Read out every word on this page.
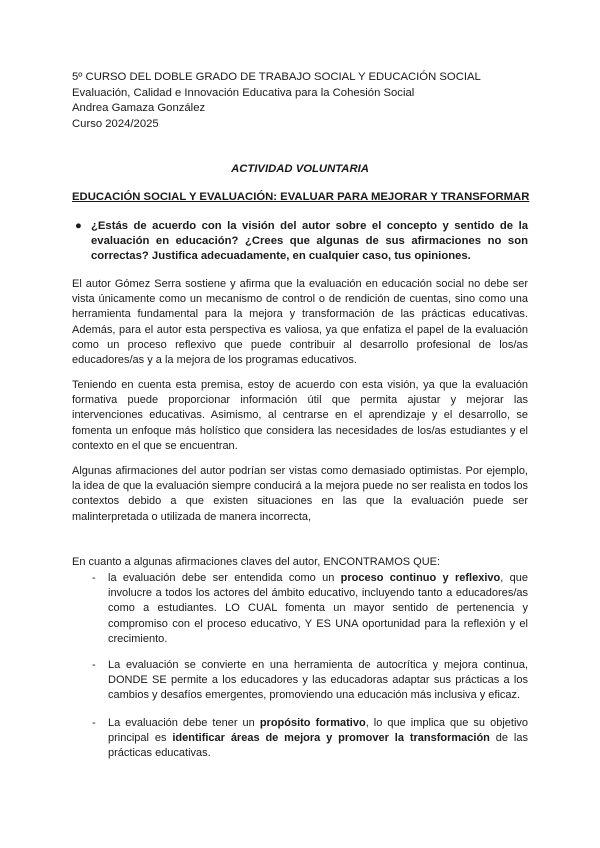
5º CURSO DEL DOBLE GRADO DE TRABAJO SOCIAL Y EDUCACIÓN SOCIAL
Evaluación, Calidad e Innovación Educativa para la Cohesión Social
Andrea Gamaza González
Curso 2024/2025
ACTIVIDAD VOLUNTARIA
EDUCACIÓN SOCIAL Y EVALUACIÓN: EVALUAR PARA MEJORAR Y TRANSFORMAR
● ¿Estás de acuerdo con la visión del autor sobre el concepto y sentido de la evaluación en educación? ¿Crees que algunas de sus afirmaciones no son correctas? Justifica adecuadamente, en cualquier caso, tus opiniones.
El autor Gómez Serra sostiene y afirma que la evaluación en educación social no debe ser vista únicamente como un mecanismo de control o de rendición de cuentas, sino como una herramienta fundamental para la mejora y transformación de las prácticas educativas. Además, para el autor esta perspectiva es valiosa, ya que enfatiza el papel de la evaluación como un proceso reflexivo que puede contribuir al desarrollo profesional de los/as educadores/as y a la mejora de los programas educativos.
Teniendo en cuenta esta premisa, estoy de acuerdo con esta visión, ya que la evaluación formativa puede proporcionar información útil que permita ajustar y mejorar las intervenciones educativas. Asimismo, al centrarse en el aprendizaje y el desarrollo, se fomenta un enfoque más holístico que considera las necesidades de los/as estudiantes y el contexto en el que se encuentran.
Algunas afirmaciones del autor podrían ser vistas como demasiado optimistas. Por ejemplo, la idea de que la evaluación siempre conducirá a la mejora puede no ser realista en todos los contextos debido a que existen situaciones en las que la evaluación puede ser malinterpretada o utilizada de manera incorrecta,
En cuanto a algunas afirmaciones claves del autor, ENCONTRAMOS QUE:
- la evaluación debe ser entendida como un proceso continuo y reflexivo, que involucre a todos los actores del ámbito educativo, incluyendo tanto a educadores/as como a estudiantes. LO CUAL fomenta un mayor sentido de pertenencia y compromiso con el proceso educativo, Y ES UNA oportunidad para la reflexión y el crecimiento.
- La evaluación se convierte en una herramienta de autocrítica y mejora continua, DONDE SE permite a los educadores y las educadoras adaptar sus prácticas a los cambios y desafíos emergentes, promoviendo una educación más inclusiva y eficaz.
- La evaluación debe tener un propósito formativo, lo que implica que su objetivo principal es identificar áreas de mejora y promover la transformación de las prácticas educativas.
